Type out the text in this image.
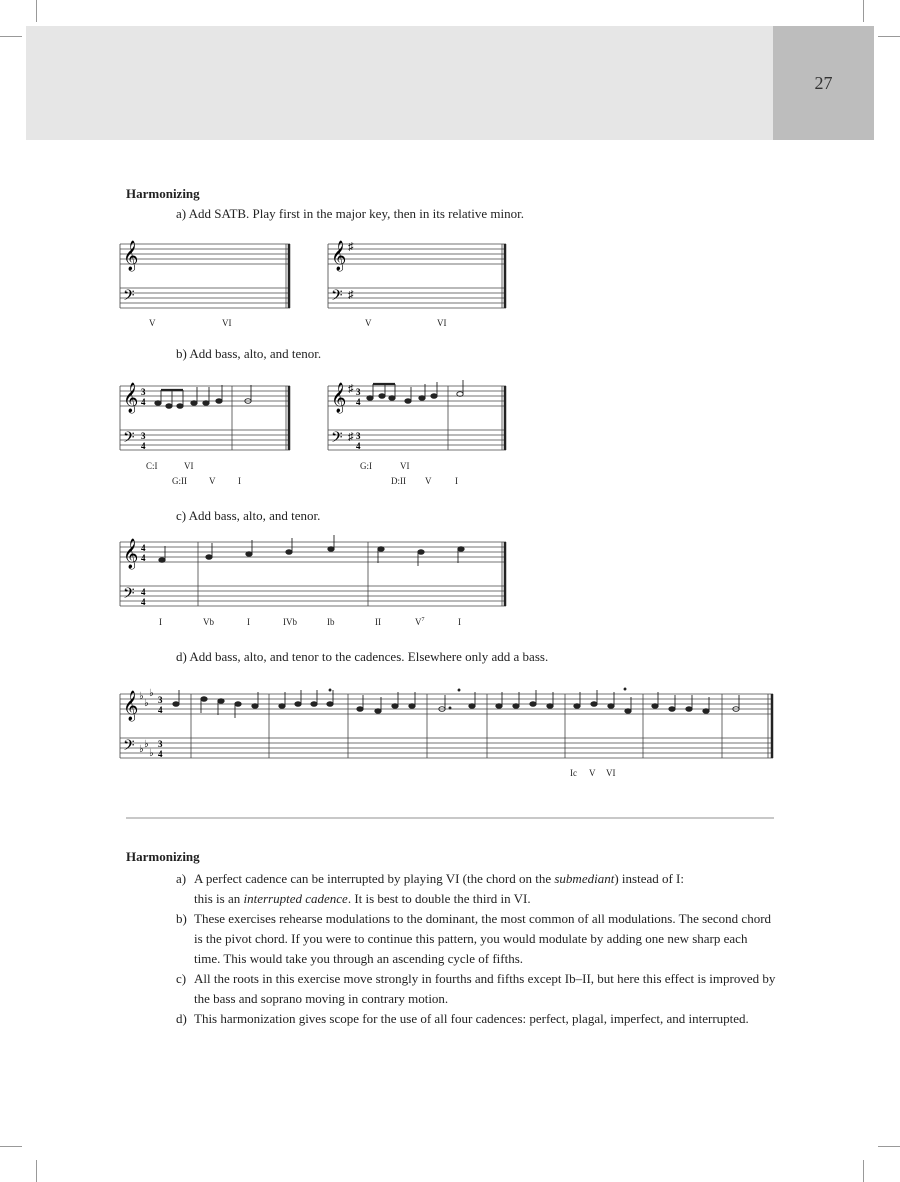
27
Harmonizing
a) Add SATB. Play first in the major key, then in its relative minor.
𝄞
𝄢
𝄞 ♯
𝄢 ♯
V	VI	V	VI
b) Add bass, alto, and tenor.
𝄞
𝄢
3
4
3
4
𝄞 ♯
𝄢 ♯
3
4
3
4
C:I	VI
G:II V	I
G:I	VI
D:II V	I
c) Add bass, alto, and tenor.
𝄞
𝄢
4
4
4
4
I	Vb	I	IVb	Ib	II	$V^7$	I
d) Add bass, alto, and tenor to the cadences. Elsewhere only add a bass.
𝄞 ♭
♭
♭
𝄢 ♭ ♭
♭
3
4
3
4
Ic V VI
Harmonizing
a) A perfect cadence can be interrupted by playing VI (the chord on the submediant) instead of I:
this is an interrupted cadence. It is best to double the third in VI.
b) These exercises rehearse modulations to the dominant, the most common of all modulations. The second chord is the pivot chord. If you were to continue this pattern, you would modulate by adding one new sharp each time. This would take you through an ascending cycle of fifths.
c) All the roots in this exercise move strongly in fourths and fifths except Ib–II, but here this effect is improved by the bass and soprano moving in contrary motion.
d) This harmonization gives scope for the use of all four cadences: perfect, plagal, imperfect, and interrupted.
